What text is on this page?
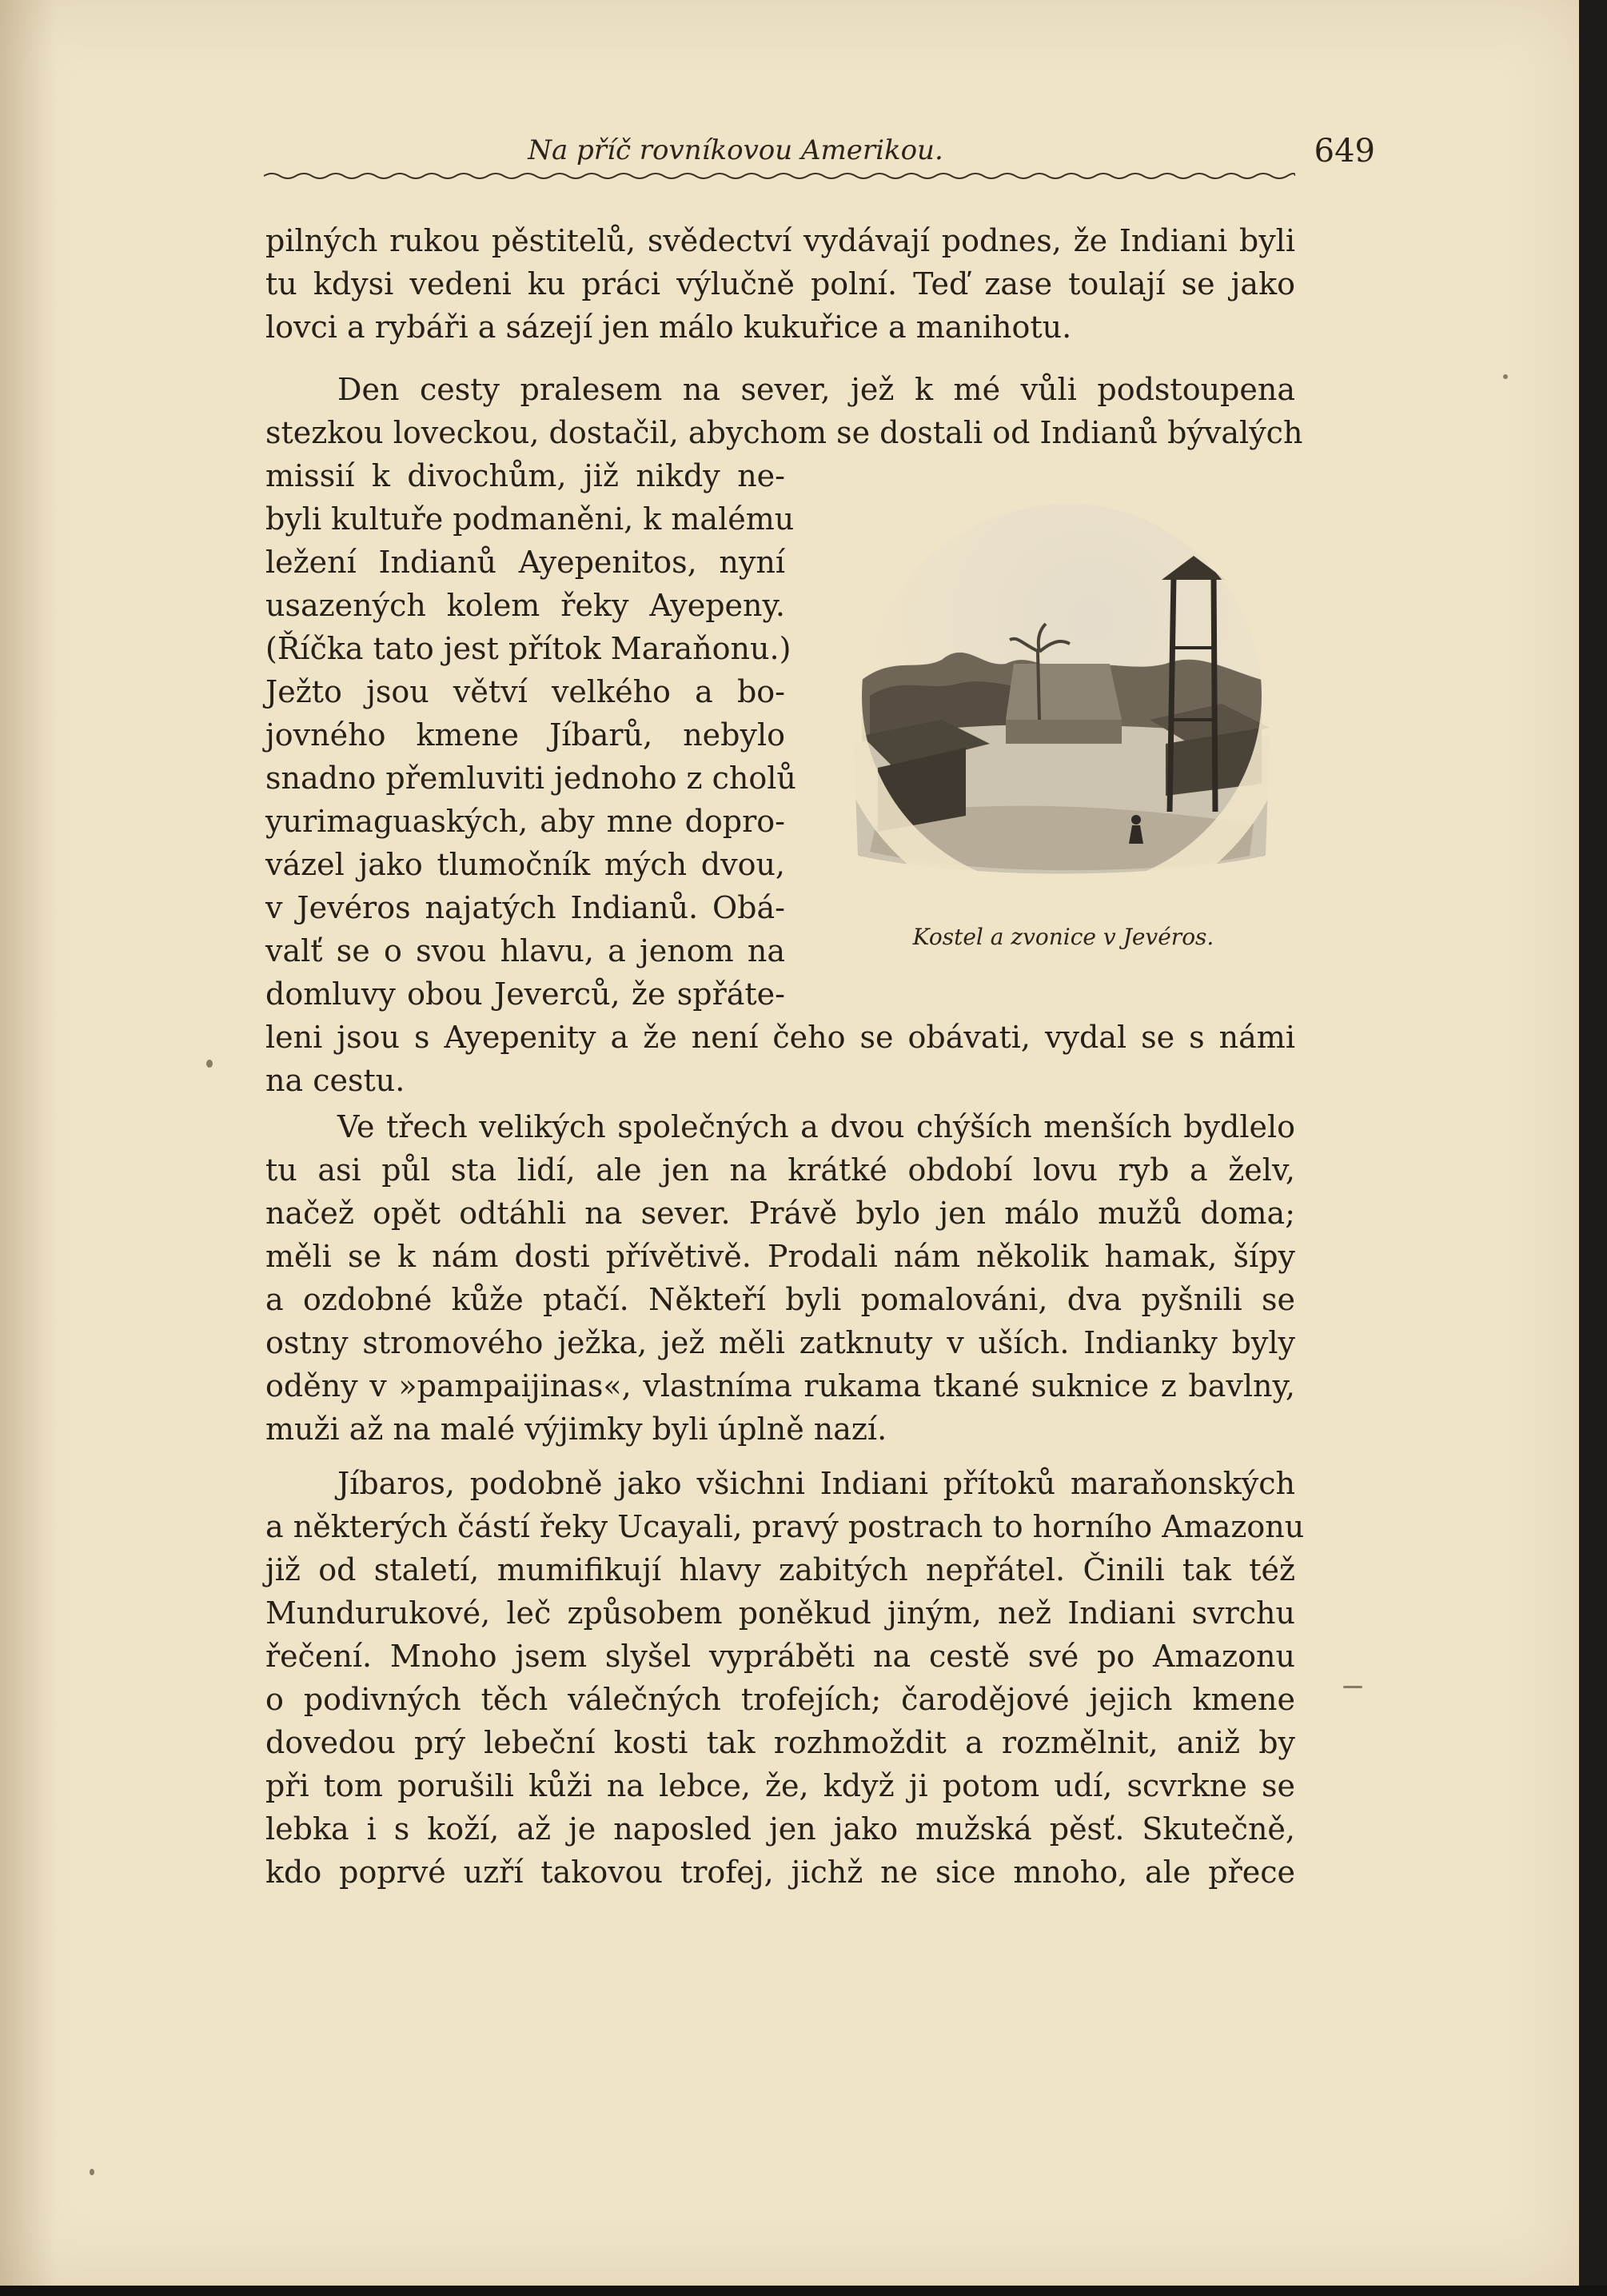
Na příč rovníkovou Amerikou.	649

pilných rukou pěstitelů, svědectví vydávají podnes, že Indiani byli

tu kdysi vedeni ku práci výlučně polní. Teď zase toulají se jako

lovci a rybáři a sázejí jen málo kukuřice a manihotu.

Den cesty pralesem na sever, jež k mé vůli podstoupena

stezkou loveckou, dostačil, abychom se dostali od Indianů bývalých

missií k divochům, již nikdy ne-

byli kultuře podmaněni, k malému

ležení Indianů Ayepenitos, nyní

usazených kolem řeky Ayepeny.

(Říčka tato jest přítok Maraňonu.)

Ježto jsou větví velkého a bo-

jovného kmene Jíbarů, nebylo

snadno přemluviti jednoho z cholů

yurimaguaských, aby mne dopro-

vázel jako tlumočník mých dvou,

v Jevéros najatých Indianů. Obá-

valť se o svou hlavu, a jenom na

domluvy obou Jeverců, že spřáte-

leni jsou s Ayepenity a že není čeho se obávati, vydal se s námi

na cestu.

Kostel a zvonice v Jevéros.

Ve třech velikých společných a dvou chýších menších bydlelo

tu asi půl sta lidí, ale jen na krátké období lovu ryb a želv,

načež opět odtáhli na sever. Právě bylo jen málo mužů doma;

měli se k nám dosti přívětivě. Prodali nám několik hamak, šípy

a ozdobné kůže ptačí. Někteří byli pomalováni, dva pyšnili se

ostny stromového ježka, jež měli zatknuty v uších. Indianky byly

oděny v »pampaijinas«, vlastníma rukama tkané suknice z bavlny,

muži až na malé výjimky byli úplně nazí.

Jíbaros, podobně jako všichni Indiani přítoků maraňonských

a některých částí řeky Ucayali, pravý postrach to horního Amazonu

již od staletí, mumifikují hlavy zabitých nepřátel. Činili tak též

Mundurukové, leč způsobem poněkud jiným, než Indiani svrchu

řečení. Mnoho jsem slyšel vypráběti na cestě své po Amazonu

o podivných těch válečných trofejích; čarodějové jejich kmene

dovedou prý lebeční kosti tak rozhmoždit a rozmělnit, aniž by

při tom porušili kůži na lebce, že, když ji potom udí, scvrkne se

lebka i s koží, až je naposled jen jako mužská pěsť. Skutečně,

kdo poprvé uzří takovou trofej, jichž ne sice mnoho, ale přece
